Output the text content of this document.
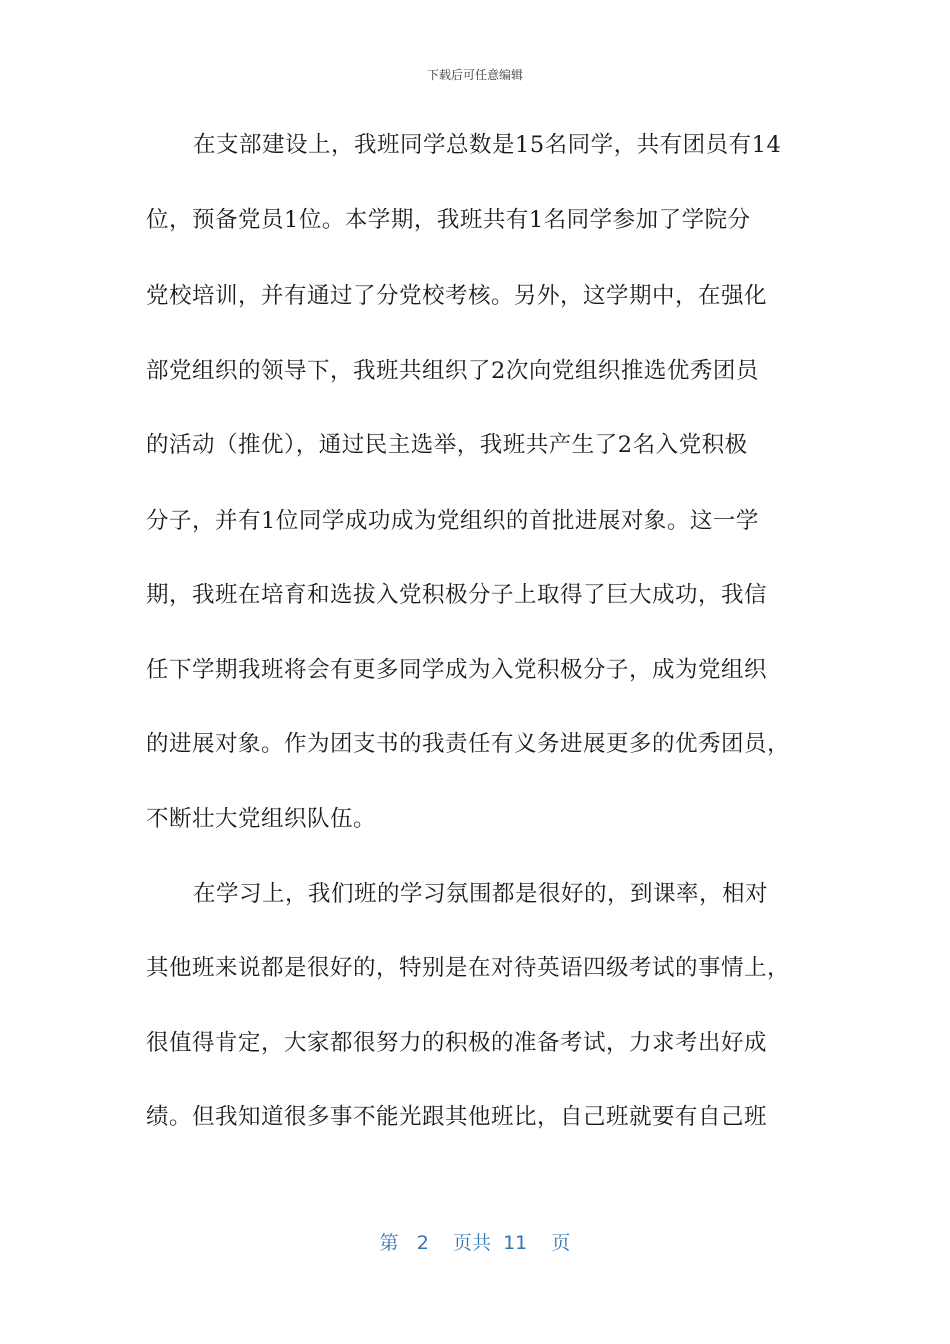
下载后可任意编辑
在支部建设上，我班同学总数是15名同学，共有团员有14
位，预备党员1位。本学期，我班共有1名同学参加了学院分
党校培训，并有通过了分党校考核。另外，这学期中，在强化
部党组织的领导下，我班共组织了2次向党组织推选优秀团员
的活动（推优），通过民主选举，我班共产生了2名入党积极
分子，并有1位同学成功成为党组织的首批进展对象。这一学
期，我班在培育和选拔入党积极分子上取得了巨大成功，我信
任下学期我班将会有更多同学成为入党积极分子，成为党组织
的进展对象。作为团支书的我责任有义务进展更多的优秀团员，
不断壮大党组织队伍。
在学习上，我们班的学习氛围都是很好的，到课率，相对
其他班来说都是很好的，特别是在对待英语四级考试的事情上，
很值得肯定，大家都很努力的积极的准备考试，力求考出好成
绩。但我知道很多事不能光跟其他班比，自己班就要有自己班
第 2 页共 11 页
